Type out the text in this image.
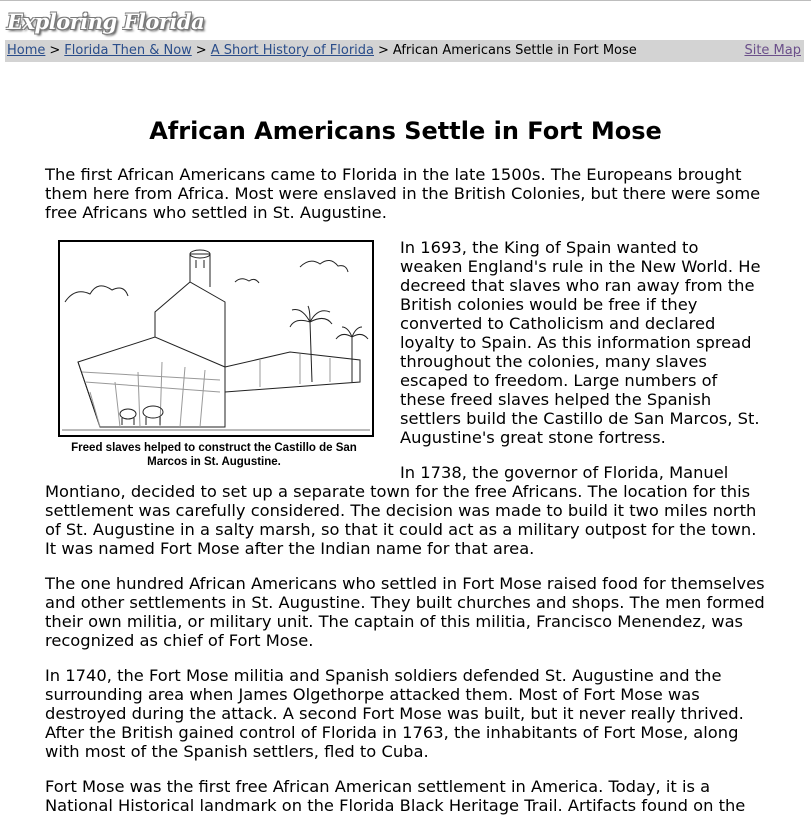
Exploring Florida
Home > Florida Then & Now > A Short History of Florida > African Americans Settle in Fort Mose	Site Map
African Americans Settle in Fort Mose

The first African Americans came to Florida in the late 1500s. The Europeans brought them here from Africa. Most were enslaved in the British Colonies, but there were some free Africans who settled in St. Augustine.

Freed slaves helped to construct the Castillo de San Marcos in St. Augustine.

In 1693, the King of Spain wanted to weaken England's rule in the New World. He decreed that slaves who ran away from the British colonies would be free if they converted to Catholicism and declared loyalty to Spain. As this information spread throughout the colonies, many slaves escaped to freedom. Large numbers of these freed slaves helped the Spanish settlers build the Castillo de San Marcos, St. Augustine's great stone fortress.

In 1738, the governor of Florida, Manuel Montiano, decided to set up a separate town for the free Africans. The location for this settlement was carefully considered. The decision was made to build it two miles north of St. Augustine in a salty marsh, so that it could act as a military outpost for the town. It was named Fort Mose after the Indian name for that area.

The one hundred African Americans who settled in Fort Mose raised food for themselves and other settlements in St. Augustine. They built churches and shops. The men formed their own militia, or military unit. The captain of this militia, Francisco Menendez, was recognized as chief of Fort Mose.

In 1740, the Fort Mose militia and Spanish soldiers defended St. Augustine and the surrounding area when James Olgethorpe attacked them. Most of Fort Mose was destroyed during the attack. A second Fort Mose was built, but it never really thrived. After the British gained control of Florida in 1763, the inhabitants of Fort Mose, along with most of the Spanish settlers, fled to Cuba.

Fort Mose was the first free African American settlement in America. Today, it is a National Historical landmark on the Florida Black Heritage Trail. Artifacts found on the
